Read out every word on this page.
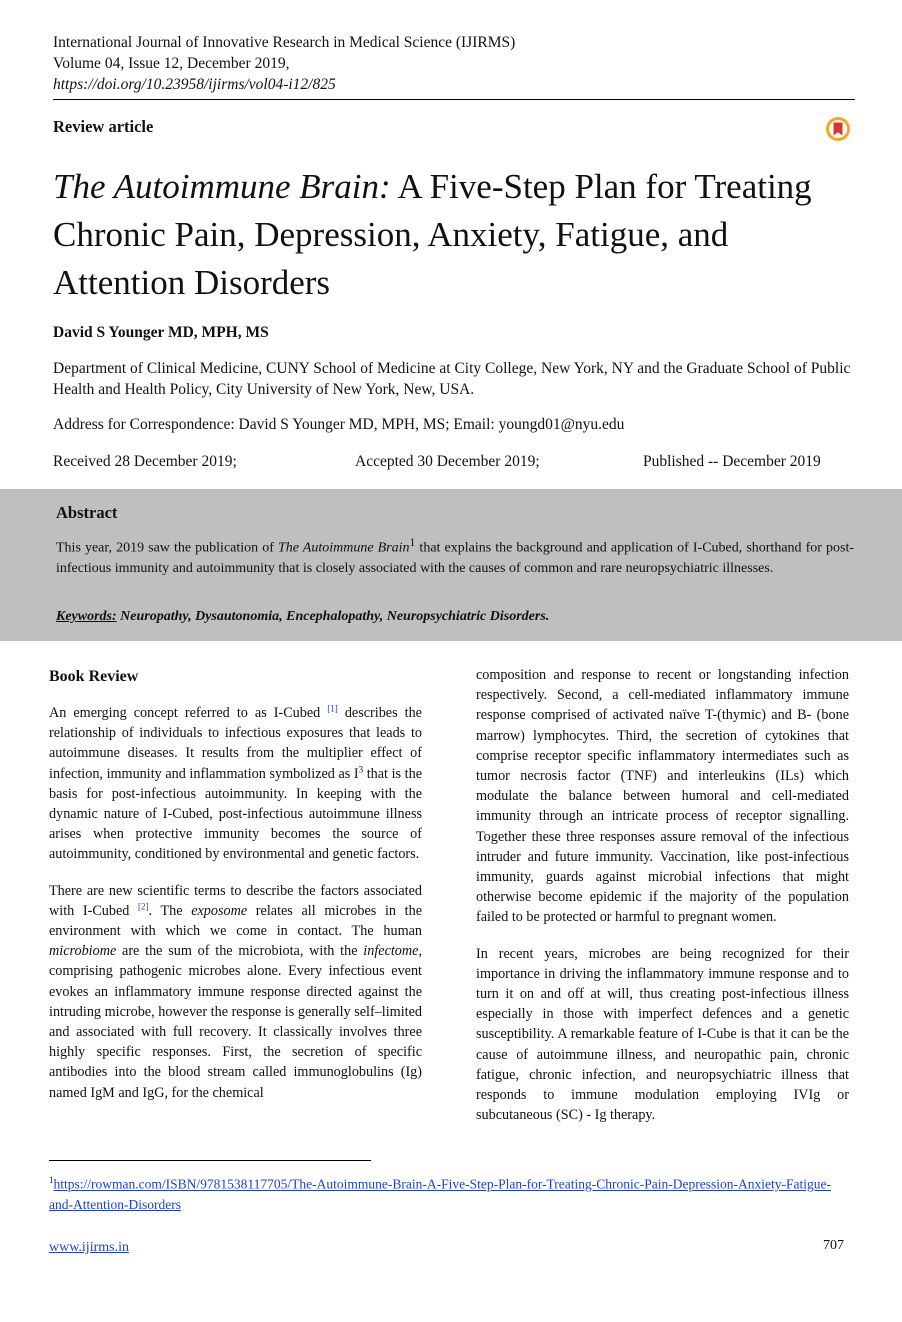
International Journal of Innovative Research in Medical Science (IJIRMS)
Volume 04, Issue 12, December 2019,
https://doi.org/10.23958/ijirms/vol04-i12/825
Review article
The Autoimmune Brain: A Five-Step Plan for Treating Chronic Pain, Depression, Anxiety, Fatigue, and Attention Disorders
David S Younger MD, MPH, MS
Department of Clinical Medicine, CUNY School of Medicine at City College, New York, NY and the Graduate School of Public Health and Health Policy, City University of New York, New, USA.
Address for Correspondence: David S Younger MD, MPH, MS; Email: youngd01@nyu.edu
Received 28 December 2019;	Accepted 30 December 2019;	Published -- December 2019
Abstract
This year, 2019 saw the publication of The Autoimmune Brain$^1$ that explains the background and application of I-Cubed, shorthand for post-infectious immunity and autoimmunity that is closely associated with the causes of common and rare neuropsychiatric illnesses.
Keywords: Neuropathy, Dysautonomia, Encephalopathy, Neuropsychiatric Disorders.

Book Review

An emerging concept referred to as I-Cubed [1] describes the relationship of individuals to infectious exposures that leads to autoimmune diseases. It results from the multiplier effect of infection, immunity and inflammation symbolized as $I^3$ that is the basis for post-infectious autoimmunity. In keeping with the dynamic nature of I-Cubed, post-infectious autoimmune illness arises when protective immunity becomes the source of autoimmunity, conditioned by environmental and genetic factors.

There are new scientific terms to describe the factors associated with I-Cubed [2]. The exposome relates all microbes in the environment with which we come in contact. The human microbiome are the sum of the microbiota, with the infectome, comprising pathogenic microbes alone. Every infectious event evokes an inflammatory immune response directed against the intruding microbe, however the response is generally self–limited and associated with full recovery. It classically involves three highly specific responses. First, the secretion of specific antibodies into the blood stream called immunoglobulins (Ig) named IgM and IgG, for the chemical

composition and response to recent or longstanding infection respectively. Second, a cell-mediated inflammatory immune response comprised of activated naïve T-(thymic) and B- (bone marrow) lymphocytes. Third, the secretion of cytokines that comprise receptor specific inflammatory intermediates such as tumor necrosis factor (TNF) and interleukins (ILs) which modulate the balance between humoral and cell-mediated immunity through an intricate process of receptor signalling. Together these three responses assure removal of the infectious intruder and future immunity. Vaccination, like post-infectious immunity, guards against microbial infections that might otherwise become epidemic if the majority of the population failed to be protected or harmful to pregnant women.

In recent years, microbes are being recognized for their importance in driving the inflammatory immune response and to turn it on and off at will, thus creating post-infectious illness especially in those with imperfect defences and a genetic susceptibility. A remarkable feature of I-Cube is that it can be the cause of autoimmune illness, and neuropathic pain, chronic fatigue, chronic infection, and neuropsychiatric illness that responds to immune modulation employing IVIg or subcutaneous (SC) - Ig therapy.

$^1$https://rowman.com/ISBN/9781538117705/The-Autoimmune-Brain-A-Five-Step-Plan-for-Treating-Chronic-Pain-Depression-Anxiety-Fatigue-and-Attention-Disorders
www.ijirms.in	707
